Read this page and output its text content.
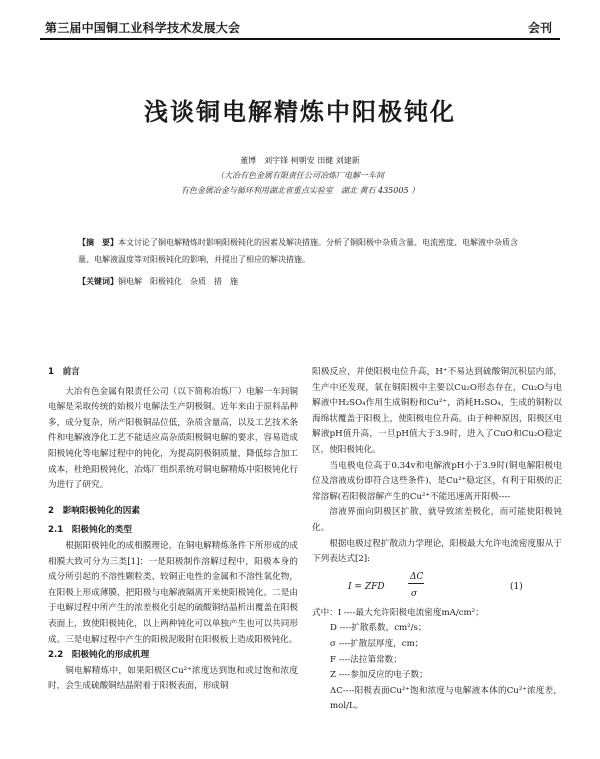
第三届中国铜工业科学技术发展大会	会刊
浅谈铜电解精炼中阳极钝化
董博　刘宇锋 柯朝安 田健 刘建新
（大冶有色金属有限责任公司冶炼厂电解一车间
有色金属冶金与循环利用湖北省重点实验室　湖北 黄石 435005 ）
【摘　要】本文讨论了铜电解精炼时影响阳极钝化的因素及解决措施。分析了铜阳极中杂质含量、电流密度、电解液中杂质含量、电解液温度等对阳极钝化的影响，并提出了相应的解决措施。
【关键词】铜电解　阳极钝化　杂质　措　施

1　前言

大冶有色金属有限责任公司（以下简称冶炼厂）电解一车间铜电解是采取传统的始极片电解法生产阴极铜。近年来由于原料品种多，成分复杂，所产阳极铜品位低，杂质含量高，以及工艺技术条件和电解液净化工艺不能适应高杂质阳极铜电解的要求，容易造成阳极钝化等电解过程中的钝化，为提高阴极铜质量，降低综合加工成本，杜绝阳极钝化，冶炼厂组织系统对铜电解精炼中阳极钝化行为进行了研究。

2　影响阳极钝化的因素

2.1　阳极钝化的类型

根据阳极钝化的成相膜理论，在铜电解精炼条件下所形成的成相膜大致可分为三类[1]：一是阳极制作溶解过程中，阳极本身的成分所引起的不溶性颗粒类、较铜正电性的金属和不溶性氧化物，在阳极上形成薄膜，把阳极与电解液隔离开来使阳极钝化。二是由于电解过程中所产生的浓差极化引起的硫酸铜结晶析出覆盖在阳极表面上，致使阳极钝化，以上两种钝化可以单独产生也可以共同形成。三是电解过程中产生的阳极泥吸附在阳极板上造成阳极钝化。

2.2　阳极钝化的形成机理

铜电解精炼中，如果阳极区Cu²⁺浓度达到饱和或过饱和浓度时，会生成硫酸铜结晶附着于阳极表面，形成铜

阳极反应，并使阳极电位升高，H⁺不易达到硫酸铜沉积层内部，生产中还发现，氧在铜阳极中主要以Cu₂O形态存在，Cu₂O与电解液中H₂SO₄作用生成铜粉和Cu²⁺，消耗H₂SO₄，生成的铜粉以海绵状覆盖于阳极上，使阳极电位升高。由于种种原因，阳极区电解液pH值升高，一旦pH值大于3.9时，进入了CuO和Cu₂O稳定区，使阳极钝化。

当电极电位高于0.34v和电解液pH小于3.9时(铜电解阳极电位及溶液成份即符合这些条件)，是Cu²⁺稳定区，有利于阳极的正常溶解(若阳极溶解产生的Cu²⁺不能迅速离开阳极----

溶液界面向阴极区扩散，就导致浓差极化，而可能使阳极钝化。

根据电极过程扩散动力学理论，阳极最大允许电流密度服从于下列表达式[2]:

I = ZFD
ΔC
σ
(1)

式中：I ----最大允许阳极电流密度mA/cm²；

D ----扩散系数，cm²/s；

σ ----扩散层厚度，cm；

F ----法拉第常数；

Z ----参加反应的电子数；

ΔC----阳极表面Cu²⁺饱和浓度与电解液本体的Cu²⁺浓度差，mol/L。
